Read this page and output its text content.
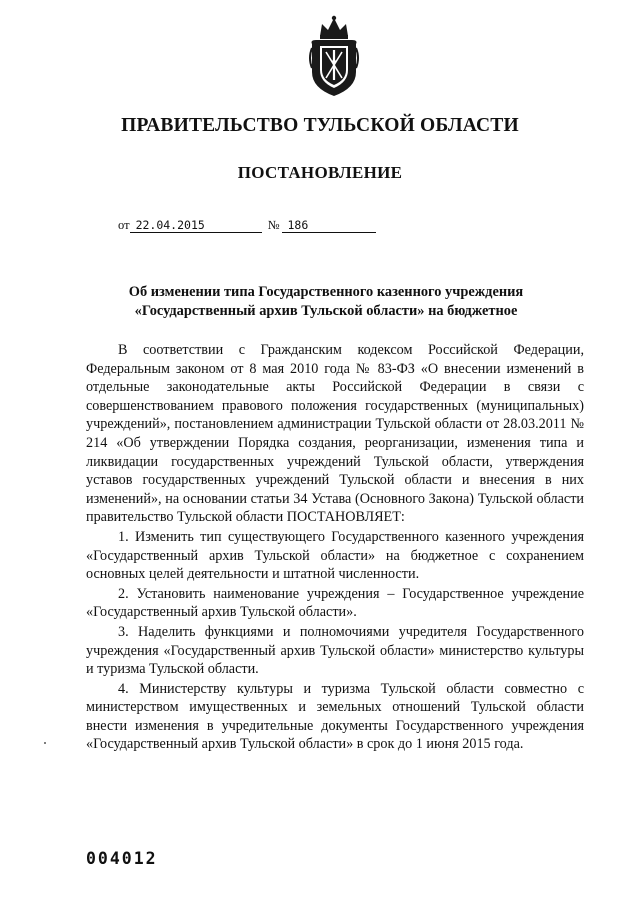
ПРАВИТЕЛЬСТВО ТУЛЬСКОЙ ОБЛАСТИ
ПОСТАНОВЛЕНИЕ
от 22.04.2015	№ 186
Об изменении типа Государственного казенного учреждения
«Государственный архив Тульской области» на бюджетное

В соответствии с Гражданским кодексом Российской Федерации, Федеральным законом от 8 мая 2010 года № 83-ФЗ «О внесении изменений в отдельные законодательные акты Российской Федерации в связи с совершенствованием правового положения государственных (муниципальных) учреждений», постановлением администрации Тульской области от 28.03.2011 № 214 «Об утверждении Порядка создания, реорганизации, изменения типа и ликвидации государственных учреждений Тульской области, утверждения уставов государственных учреждений Тульской области и внесения в них изменений», на основании статьи 34 Устава (Основного Закона) Тульской области правительство Тульской области ПОСТАНОВЛЯЕТ:

1. Изменить тип существующего Государственного казенного учреждения «Государственный архив Тульской области» на бюджетное с сохранением основных целей деятельности и штатной численности.

2. Установить наименование учреждения – Государственное учреждение «Государственный архив Тульской области».

3. Наделить функциями и полномочиями учредителя Государственного учреждения «Государственный архив Тульской области» министерство культуры и туризма Тульской области.

4. Министерству культуры и туризма Тульской области совместно с министерством имущественных и земельных отношений Тульской области внести изменения в учредительные документы Государственного учреждения «Государственный архив Тульской области» в срок до 1 июня 2015 года.

004012
